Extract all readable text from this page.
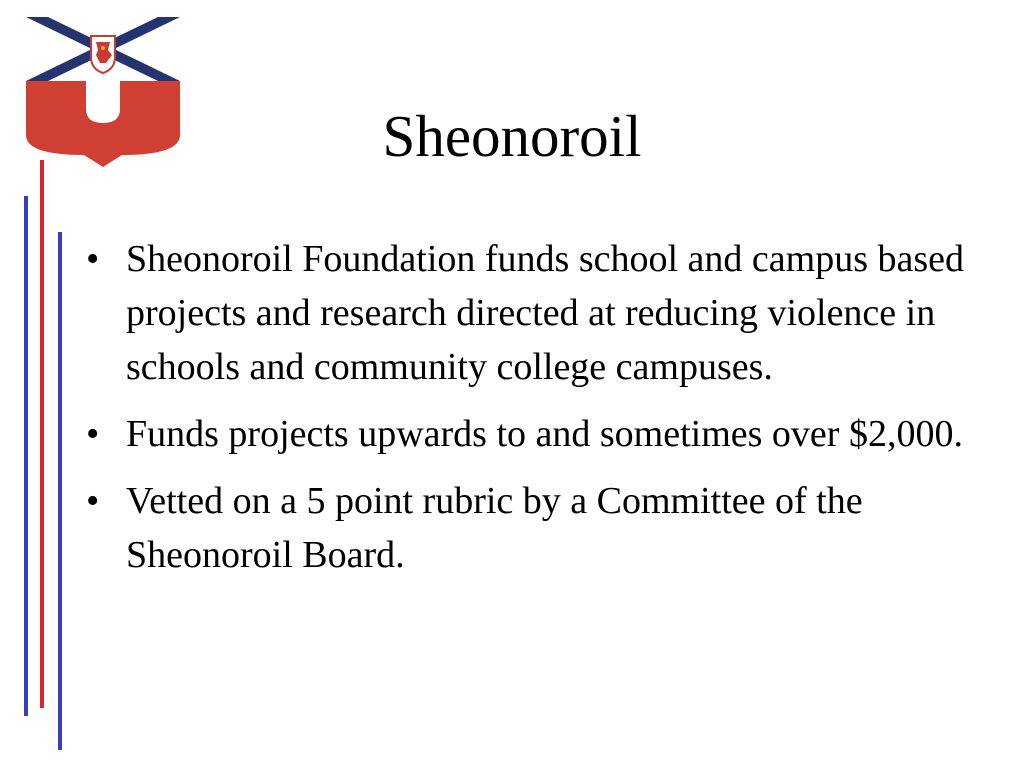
Sheonoroil
• Sheonoroil Foundation funds school and campus based projects and research directed at reducing violence in schools and community college campuses.
• Funds projects upwards to and sometimes over $2,000.
• Vetted on a 5 point rubric by a Committee of the Sheonoroil Board.
